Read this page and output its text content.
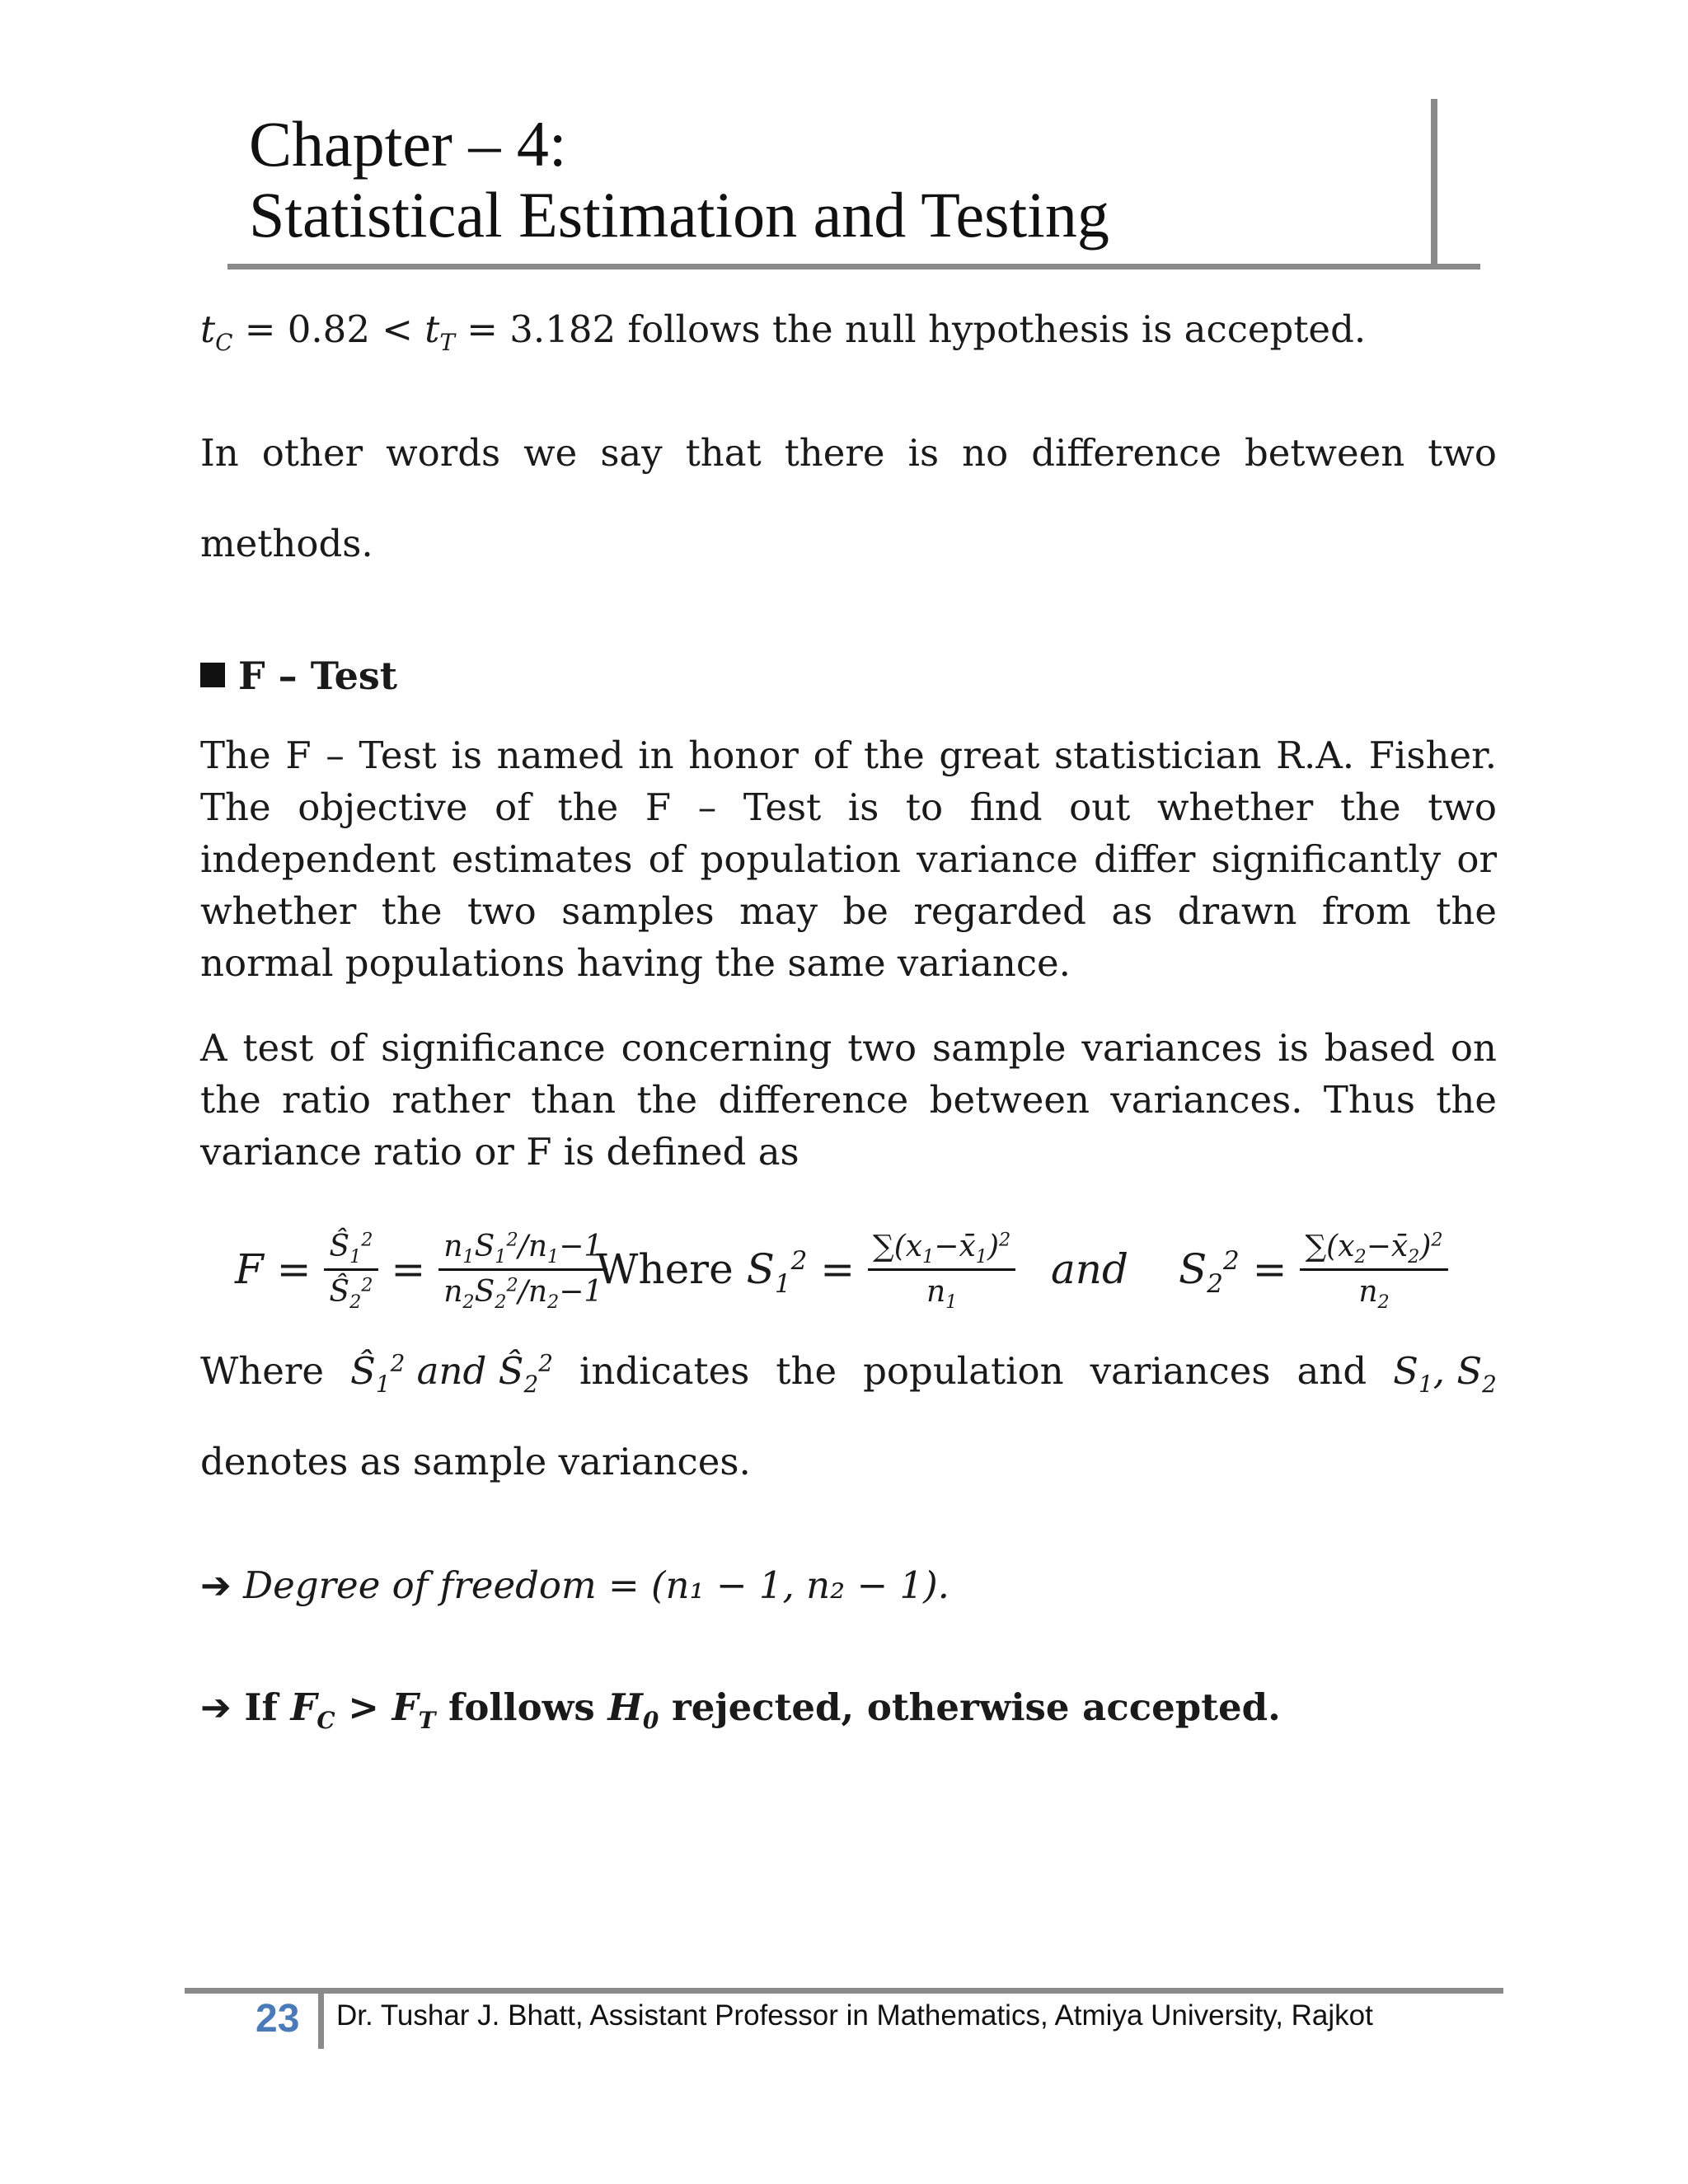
Chapter – 4:
Statistical Estimation and Testing
$t_C = 0.82 < t_T = 3.182$ follows the null hypothesis is accepted.
In other words we say that there is no difference between two
methods.
F – Test
The F – Test is named in honor of the great statistician R.A. Fisher.
The objective of the F – Test is to find out whether the two
independent estimates of population variance differ significantly or
whether the two samples may be regarded as drawn from the
normal populations having the same variance.
A test of significance concerning two sample variances is based on
the ratio rather than the difference between variances. Thus the
variance ratio or F is defined as
F
=
$\frac{Ŝ_1^2}{Ŝ_2^2}$
=
$\frac{n_1S_1^2/n_1-1}{n_2S_2^2/n_2-1}$
Where
$S_1^2$
=
$\frac{\sum(x_1-x̄_1)^2}{n_1}$ and $S_2^2$
=
$\frac{\sum(x_2-x̄_2)^2}{n_2}$
Where $Ŝ_1^2$ and $Ŝ_2^2$ indicates the population variances and $S_1$, $S_2$
denotes as sample variances.
➔ Degree of freedom = (n₁ − 1, n₂ − 1).
➔ If $F_C > F_T$ follows $H_0$ rejected, otherwise accepted.
23 Dr. Tushar J. Bhatt, Assistant Professor in Mathematics, Atmiya University, Rajkot
